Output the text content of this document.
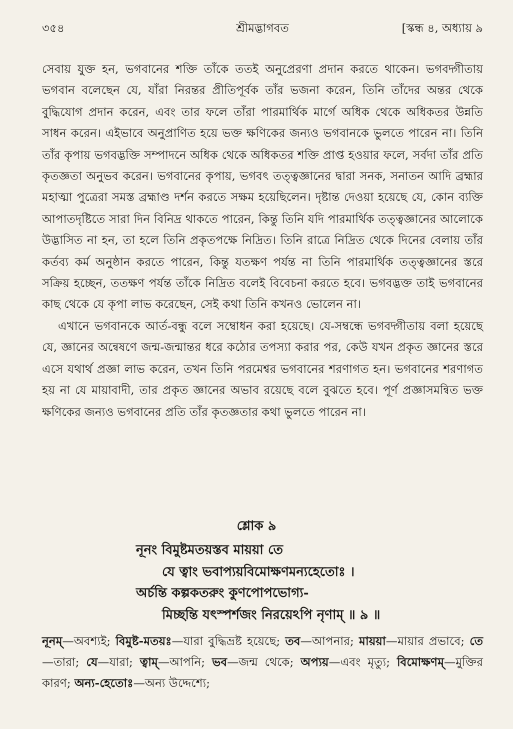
৩৫৪	শ্রীমদ্ভাগবত	[স্কন্ধ ৪, অধ্যায় ৯

সেবায় যুক্ত হন, ভগবানের শক্তি তাঁকে ততই অনুপ্রেরণা প্রদান করতে থাকেন। ভগবদ্গীতায় ভগবান বলেছেন যে, যাঁরা নিরন্তর প্রীতিপূর্বক তাঁর ভজনা করেন, তিনি তাঁদের অন্তর থেকে বুদ্ধিযোগ প্রদান করেন, এবং তার ফলে তাঁরা পারমার্থিক মার্গে অধিক থেকে অধিকতর উন্নতি সাধন করেন। এইভাবে অনুপ্রাণিত হয়ে ভক্ত ক্ষণিকের জন্যও ভগবানকে ভুলতে পারেন না। তিনি তাঁর কৃপায় ভগবদ্ভক্তি সম্পাদনে অধিক থেকে অধিকতর শক্তি প্রাপ্ত হওয়ার ফলে, সর্বদা তাঁর প্রতি কৃতজ্ঞতা অনুভব করেন। ভগবানের কৃপায়, ভগবৎ তত্ত্বজ্ঞানের দ্বারা সনক, সনাতন আদি ব্রহ্মার মহাত্মা পুত্রেরা সমস্ত ব্রহ্মাণ্ড দর্শন করতে সক্ষম হয়েছিলেন। দৃষ্টান্ত দেওয়া হয়েছে যে, কোন ব্যক্তি আপাতদৃষ্টিতে সারা দিন বিনিদ্র থাকতে পারেন, কিন্তু তিনি যদি পারমার্থিক তত্ত্বজ্ঞানের আলোকে উদ্ভাসিত না হন, তা হলে তিনি প্রকৃতপক্ষে নিদ্রিত। তিনি রাত্রে নিদ্রিত থেকে দিনের বেলায় তাঁর কর্তব্য কর্ম অনুষ্ঠান করতে পারেন, কিন্তু যতক্ষণ পর্যন্ত না তিনি পারমার্থিক তত্ত্বজ্ঞানের স্তরে সক্রিয় হচ্ছেন, ততক্ষণ পর্যন্ত তাঁকে নিদ্রিত বলেই বিবেচনা করতে হবে। ভগবদ্ভক্ত তাই ভগবানের কাছ থেকে যে কৃপা লাভ করেছেন, সেই কথা তিনি কখনও ভোলেন না।

এখানে ভগবানকে আর্ত-বন্ধু বলে সম্বোধন করা হয়েছে। যে-সম্বন্ধে ভগবদ্গীতায় বলা হয়েছে যে, জ্ঞানের অন্বেষণে জন্ম-জন্মান্তর ধরে কঠোর তপস্যা করার পর, কেউ যখন প্রকৃত জ্ঞানের স্তরে এসে যথার্থ প্রজ্ঞা লাভ করেন, তখন তিনি পরমেশ্বর ভগবানের শরণাগত হন। ভগবানের শরণাগত হয় না যে মায়াবাদী, তার প্রকৃত জ্ঞানের অভাব রয়েছে বলে বুঝতে হবে। পূর্ণ প্রজ্ঞাসমন্বিত ভক্ত ক্ষণিকের জন্যও ভগবানের প্রতি তাঁর কৃতজ্ঞতার কথা ভুলতে পারেন না।

শ্লোক ৯
নূনং বিমুষ্টমতয়স্তব মায়য়া তে
যে ত্বাং ভবাপ্যয়বিমোক্ষণমন্যহেতোঃ ।
অর্চন্তি কল্পকতরুং কুণপোপভোগ্য-
মিচ্ছন্তি যৎস্পর্শজং নিরয়েঽপি নৃণাম্ ॥ ৯ ॥
নূনম্—অবশ্যই; বিমুষ্ট-মতয়ঃ—যারা বুদ্ধিভ্রষ্ট হয়েছে; তব—আপনার; মায়য়া—মায়ার প্রভাবে; তে—তারা; যে—যারা; ত্বাম্—আপনি; ভব—জন্ম থেকে; অপ্যয়—এবং মৃত্যু; বিমোক্ষণম্—মুক্তির কারণ; অন্য-হেতোঃ—অন্য উদ্দেশ্যে;
